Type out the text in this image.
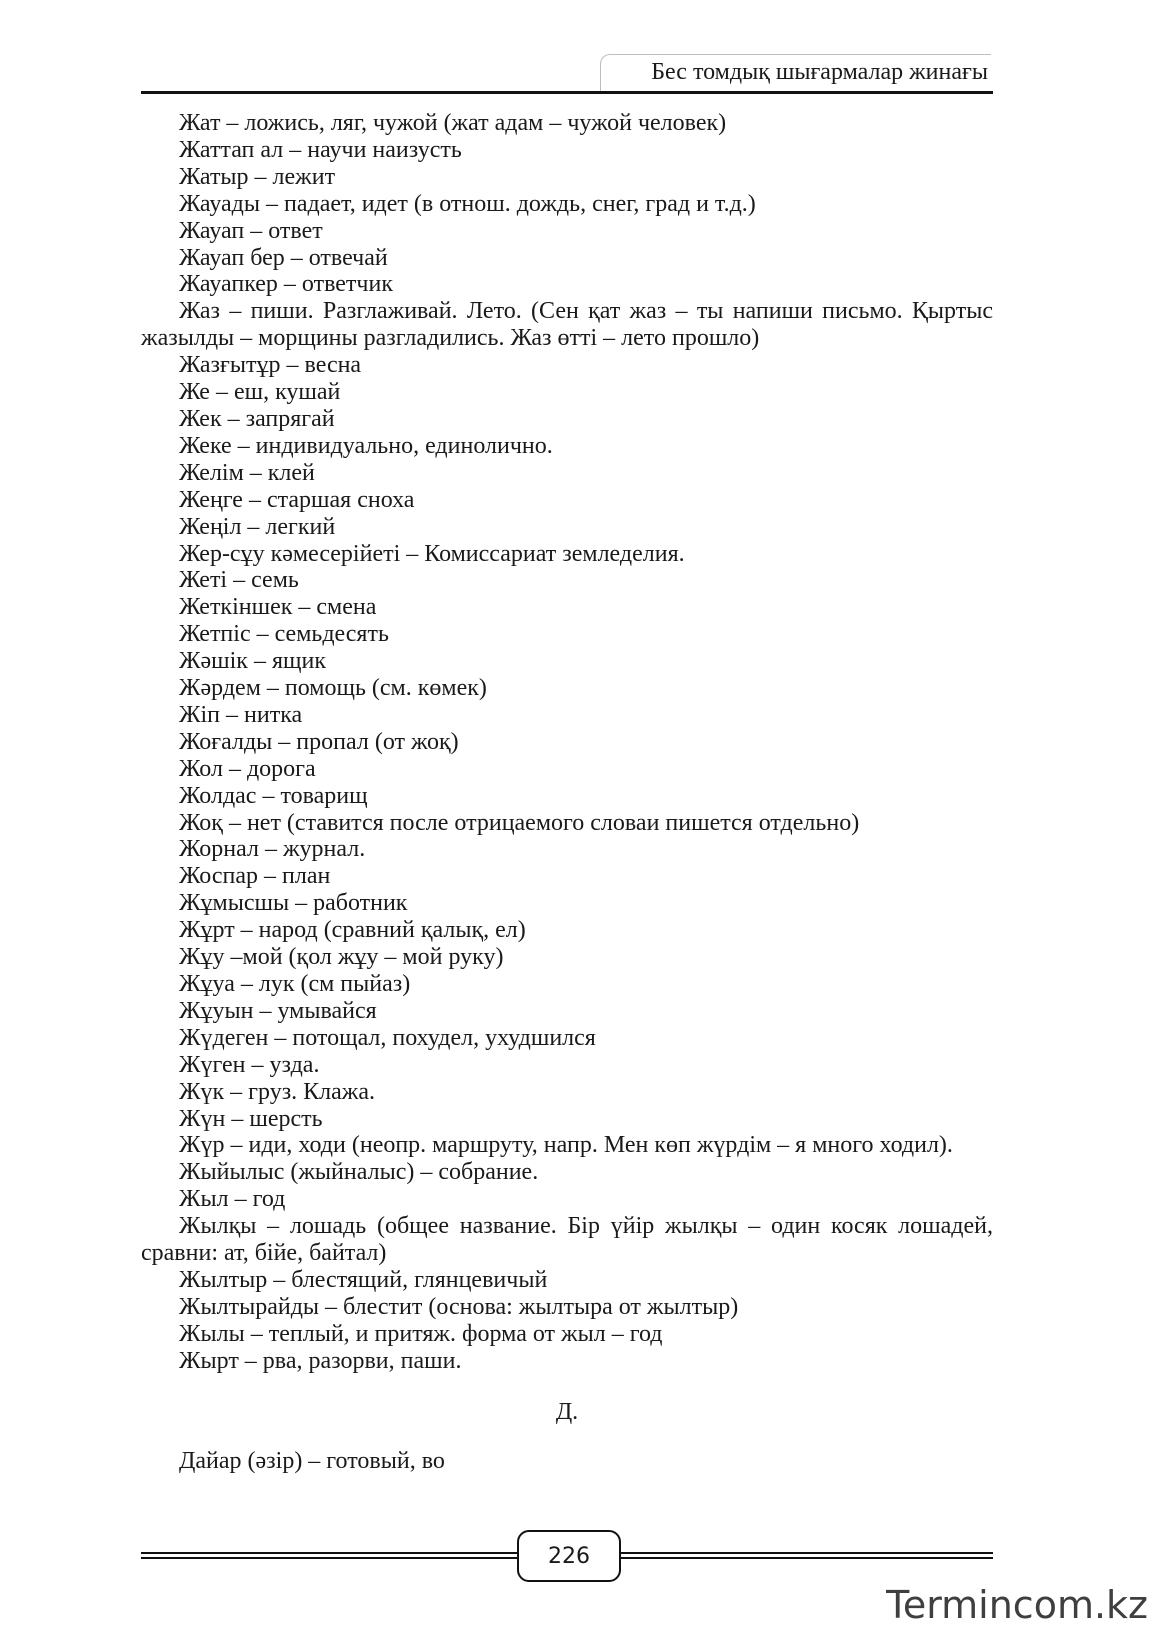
Бес томдық шығармалар жинағы

Жат – ложись, ляг, чужой (жат адам – чужой человек)

Жаттап ал – научи наизусть

Жатыр – лежит

Жауады – падает, идет (в отнош. дождь, снег, град и т.д.)

Жауап – ответ

Жауап бер – отвечай

Жауапкер – ответчик

Жаз – пиши. Разглаживай. Лето. (Сен қат жаз – ты напиши письмо. Қыртыс жазылды – морщины разгладились. Жаз өтті – лето прошло)

Жазғытұр – весна

Же – еш, кушай

Жек – запрягай

Жеке – индивидуально, единолично.

Желім – клей

Жеңге – старшая сноха

Жеңіл – легкий

Жер-сұу кәмесерійеті – Комиссариат земледелия.

Жеті – семь

Жеткіншек – смена

Жетпіс – семьдесять

Жәшік – ящик

Жәрдем – помощь (см. көмек)

Жіп – нитка

Жоғалды – пропал (от жоқ)

Жол – дорога

Жолдас – товарищ

Жоқ – нет (ставится после отрицаемого словаи пишется отдельно)

Жорнал – журнал.

Жоспар – план

Жұмысшы – работник

Жұрт – народ (сравний қалық, ел)

Жұу –мой (қол жұу – мой руку)

Жұуа – лук (см пыйаз)

Жұуын – умывайся

Жүдеген – потощал, похудел, ухудшился

Жүген – узда.

Жүк – груз. Клажа.

Жүн – шерсть

Жүр – иди, ходи (неопр. маршруту, напр. Мен көп жүрдім – я много ходил).

Жыйылыс (жыйналыс) – собрание.

Жыл – год

Жылқы – лошадь (общее название. Бір үйір жылқы – один косяк лошадей, сравни: ат, бійе, байтал)

Жылтыр – блестящий, глянцевичый

Жылтырайды – блестит (основа: жылтыра от жылтыр)

Жылы – теплый, и притяж. форма от жыл – год

Жырт – рва, разорви, паши.

Д.

Дайар (әзір) – готовый, во

226
Termincom.kz
